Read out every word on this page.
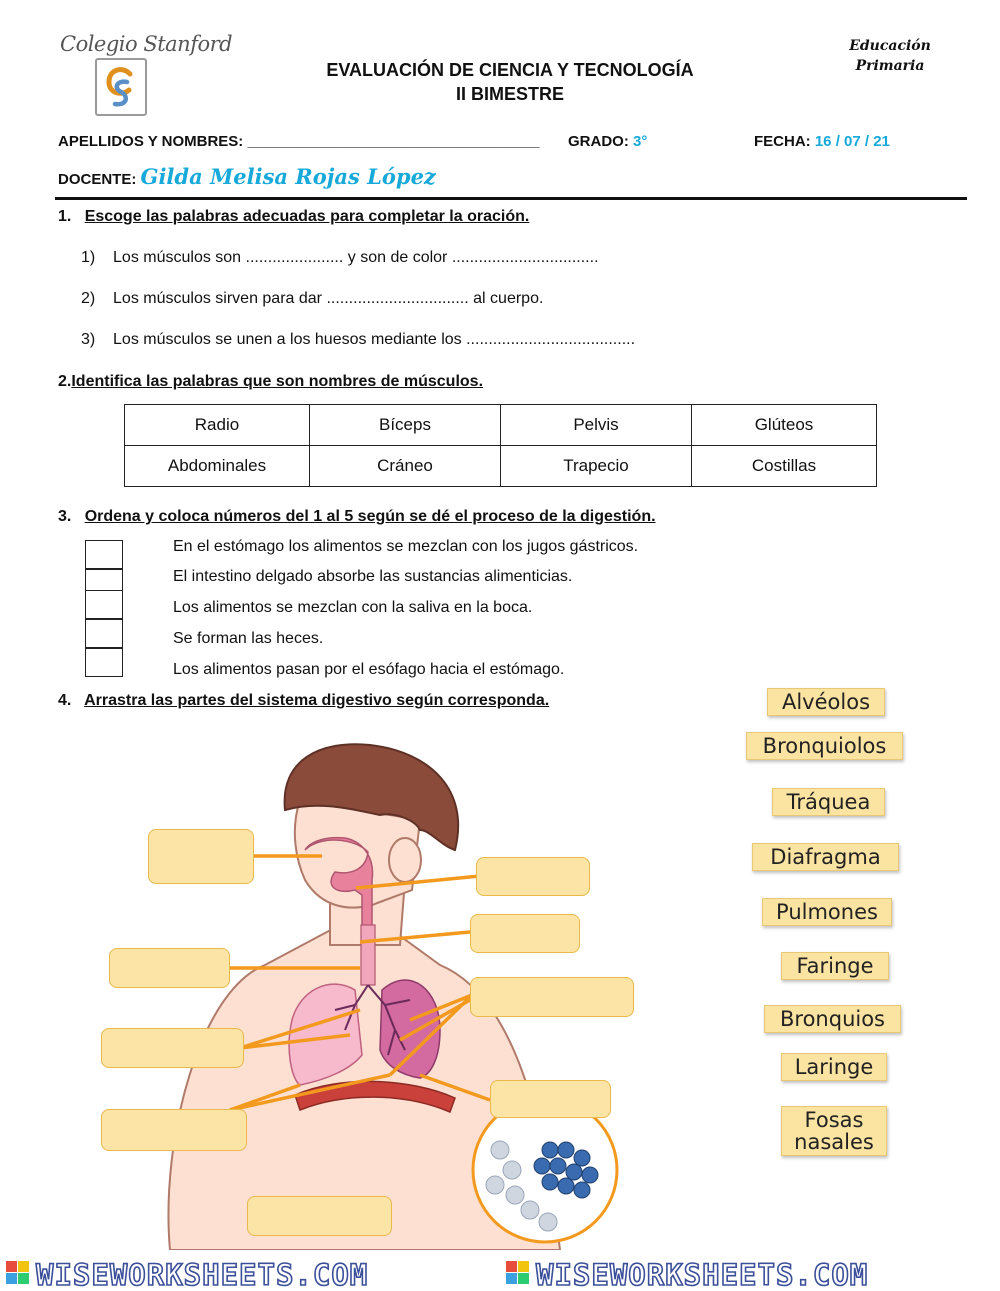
Colegio Stanford
EVALUACIÓN DE CIENCIA Y TECNOLOGÍA
II BIMESTRE
Educación
Primaria
APELLIDOS Y NOMBRES: ___________________________________ GRADO: 3°	FECHA: 16 / 07 / 21
DOCENTE: Gilda Melisa Rojas López
1. Escoge las palabras adecuadas para completar la oración.
1) Los músculos son ...................... y son de color .................................
2) Los músculos sirven para dar ................................ al cuerpo.
3) Los músculos se unen a los huesos mediante los ......................................
2.Identifica las palabras que son nombres de músculos.
Radio	Bíceps	Pelvis	Glúteos
Abdominales	Cráneo	Trapecio	Costillas
3. Ordena y coloca números del 1 al 5 según se dé el proceso de la digestión.
En el estómago los alimentos se mezclan con los jugos gástricos.
El intestino delgado absorbe las sustancias alimenticias.
Los alimentos se mezclan con la saliva en la boca.
Se forman las heces.
Los alimentos pasan por el esófago hacia el estómago.
4. Arrastra las partes del sistema digestivo según corresponda.	Alvéolos
Bronquiolos
Tráquea
Diafragma
Pulmones
Faringe
Bronquios
Laringe
Fosas nasales
WISEWORKSHEETS.COM	WISEWORKSHEETS.COM
